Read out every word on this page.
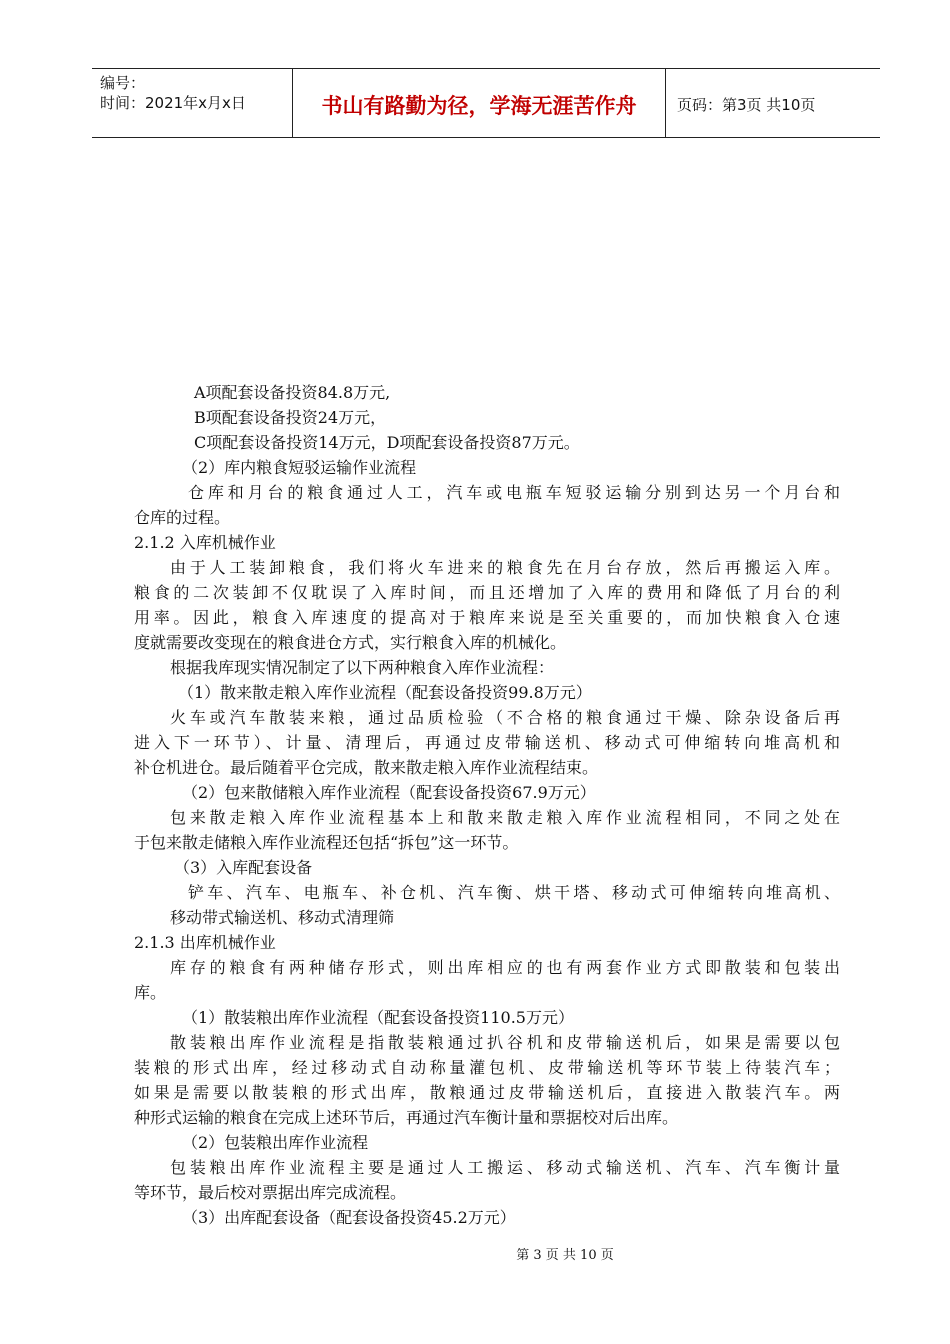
编号：
时间：2021年x月x日	书山有路勤为径，学海无涯苦作舟	页码：第3页 共10页
A项配套设备投资84.8万元,
B项配套设备投资24万元，
C项配套设备投资14万元，D项配套设备投资87万元。
（2）库内粮食短驳运输作业流程
仓库和月台的粮食通过人工，汽车或电瓶车短驳运输分别到达另一个月台和
仓库的过程。
2.1.2 入库机械作业
由于人工装卸粮食，我们将火车进来的粮食先在月台存放，然后再搬运入库。
粮食的二次装卸不仅耽误了入库时间，而且还增加了入库的费用和降低了月台的利
用率。因此，粮食入库速度的提高对于粮库来说是至关重要的，而加快粮食入仓速
度就需要改变现在的粮食进仓方式，实行粮食入库的机械化。
根据我库现实情况制定了以下两种粮食入库作业流程：
（1）散来散走粮入库作业流程（配套设备投资99.8万元）
火车或汽车散装来粮，通过品质检验（不合格的粮食通过干燥、除杂设备后再
进入下一环节）、计量、清理后，再通过皮带输送机、移动式可伸缩转向堆高机和
补仓机进仓。最后随着平仓完成，散来散走粮入库作业流程结束。
（2）包来散储粮入库作业流程（配套设备投资67.9万元）
包来散走粮入库作业流程基本上和散来散走粮入库作业流程相同，不同之处在
于包来散走储粮入库作业流程还包括“拆包”这一环节。
（3）入库配套设备
铲车、汽车、电瓶车、补仓机、汽车衡、烘干塔、移动式可伸缩转向堆高机、
移动带式输送机、移动式清理筛
2.1.3 出库机械作业
库存的粮食有两种储存形式，则出库相应的也有两套作业方式即散装和包装出
库。
（1）散装粮出库作业流程（配套设备投资110.5万元）
散装粮出库作业流程是指散装粮通过扒谷机和皮带输送机后，如果是需要以包
装粮的形式出库，经过移动式自动称量灌包机、皮带输送机等环节装上待装汽车；
如果是需要以散装粮的形式出库，散粮通过皮带输送机后，直接进入散装汽车。两
种形式运输的粮食在完成上述环节后，再通过汽车衡计量和票据校对后出库。
（2）包装粮出库作业流程
包装粮出库作业流程主要是通过人工搬运、移动式输送机、汽车、汽车衡计量
等环节，最后校对票据出库完成流程。
（3）出库配套设备（配套设备投资45.2万元）
第 3 页 共 10 页
